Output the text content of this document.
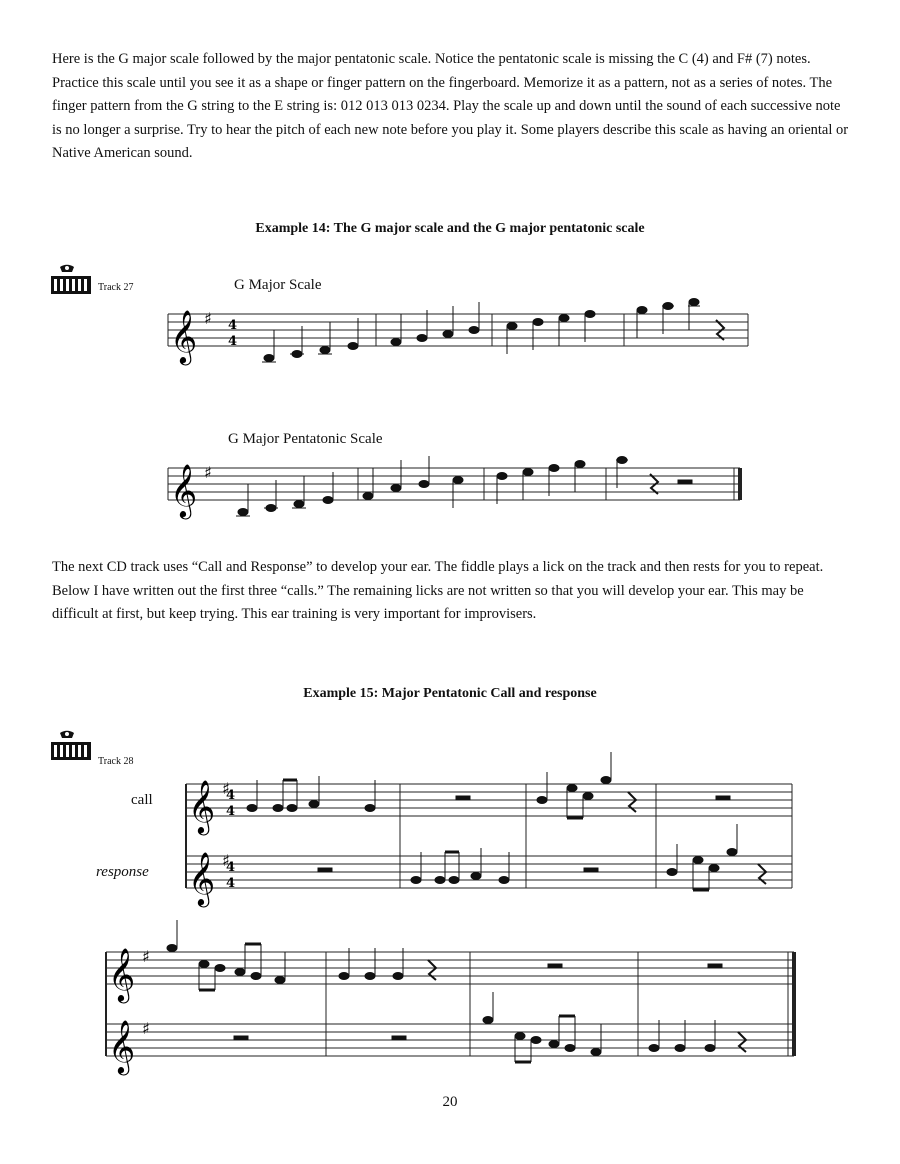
Here is the G major scale followed by the major pentatonic scale. Notice the pentatonic scale is missing the C (4) and F# (7) notes. Practice this scale until you see it as a shape or finger pattern on the fingerboard. Memorize it as a pattern, not as a series of notes. The finger pattern from the G string to the E string is: 012 013 013 0234. Play the scale up and down until the sound of each successive note is no longer a surprise. Try to hear the pitch of each new note before you play it. Some players describe this scale as having an oriental or Native American sound.

Example 14: The G major scale and the G major pentatonic scale
Track 27	G Major Scale
𝄞 ♯ 4
4
G Major Pentatonic Scale
𝄞 ♯

The next CD track uses “Call and Response” to develop your ear. The fiddle plays a lick on the track and then rests for you to repeat. Below I have written out the first three “calls.” The remaining licks are not written so that you will develop your ear. This may be difficult at first, but keep trying. This ear training is very important for improvisers.

Example 15: Major Pentatonic Call and response
Track 28
call
response
𝄞
𝄞
♯
♯
4
4
4
4
𝄞
𝄞
♯
♯
20
